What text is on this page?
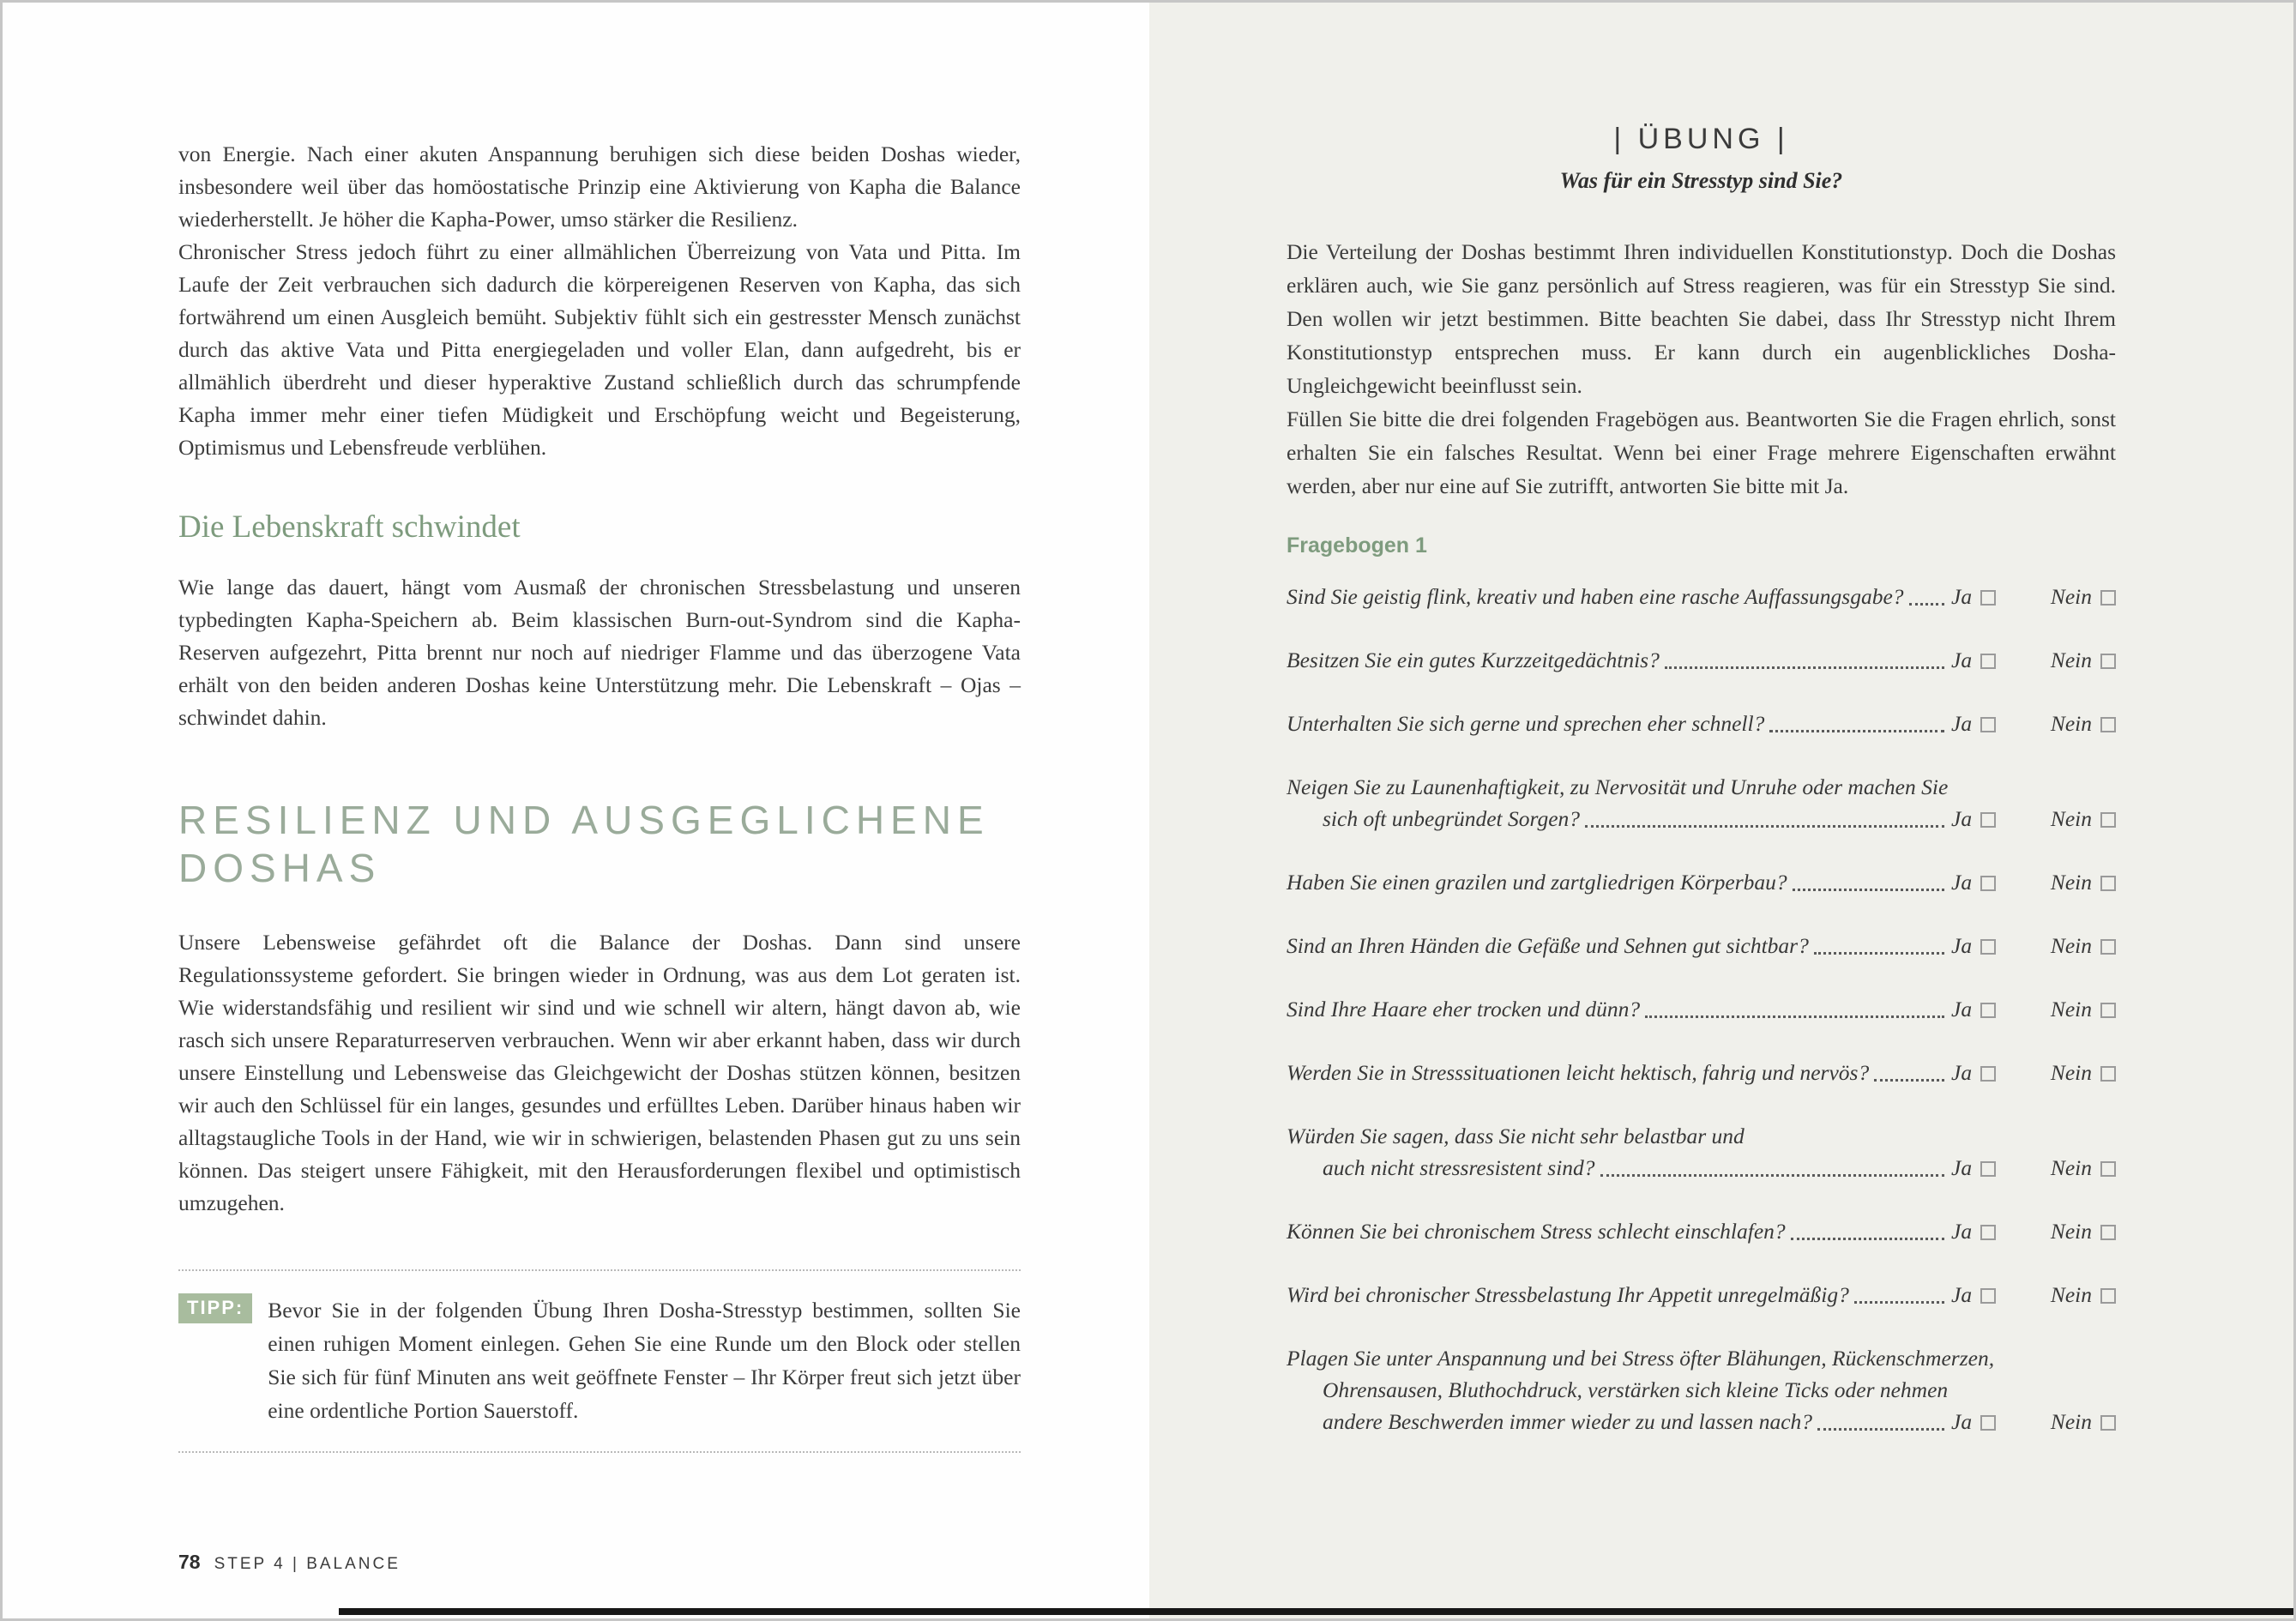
von Energie. Nach einer akuten Anspannung beruhigen sich diese beiden Doshas wieder, insbesondere weil über das homöostatische Prinzip eine Aktivierung von Kapha die Balance wiederherstellt. Je höher die Kapha-Power, umso stärker die Resilienz.

Chronischer Stress jedoch führt zu einer allmählichen Überreizung von Vata und Pitta. Im Laufe der Zeit verbrauchen sich dadurch die körpereigenen Reserven von Kapha, das sich fortwährend um einen Ausgleich bemüht. Subjektiv fühlt sich ein gestresster Mensch zunächst durch das aktive Vata und Pitta energiegeladen und voller Elan, dann aufgedreht, bis er allmählich überdreht und dieser hyperaktive Zustand schließlich durch das schrumpfende Kapha immer mehr einer tiefen Müdigkeit und Erschöpfung weicht und Begeisterung, Optimismus und Lebensfreude verblühen.

Die Lebenskraft schwindet

Wie lange das dauert, hängt vom Ausmaß der chronischen Stressbelastung und unseren typbedingten Kapha-Speichern ab. Beim klassischen Burn-out-Syndrom sind die Kapha-Reserven aufgezehrt, Pitta brennt nur noch auf niedriger Flamme und das überzogene Vata erhält von den beiden anderen Doshas keine Unterstützung mehr. Die Lebenskraft – Ojas – schwindet dahin.

RESILIENZ UND AUSGEGLICHENE
DOSHAS

Unsere Lebensweise gefährdet oft die Balance der Doshas. Dann sind unsere Regulationssysteme gefordert. Sie bringen wieder in Ordnung, was aus dem Lot geraten ist. Wie widerstandsfähig und resilient wir sind und wie schnell wir altern, hängt davon ab, wie rasch sich unsere Reparaturreserven verbrauchen. Wenn wir aber erkannt haben, dass wir durch unsere Einstellung und Lebensweise das Gleichgewicht der Doshas stützen können, besitzen wir auch den Schlüssel für ein langes, gesundes und erfülltes Leben. Darüber hinaus haben wir alltagstaugliche Tools in der Hand, wie wir in schwierigen, belastenden Phasen gut zu uns sein können. Das steigert unsere Fähigkeit, mit den Herausforderungen flexibel und optimistisch umzugehen.

TIPP:	Bevor Sie in der folgenden Übung Ihren Dosha-Stresstyp bestimmen, sollten Sie einen ruhigen Moment einlegen. Gehen Sie eine Runde um den Block oder stellen Sie sich für fünf Minuten ans weit geöffnete Fenster – Ihr Körper freut sich jetzt über eine ordentliche Portion Sauerstoff.
78 STEP 4 | BALANCE
| ÜBUNG |
Was für ein Stresstyp sind Sie?

Die Verteilung der Doshas bestimmt Ihren individuellen Konstitutionstyp. Doch die Doshas erklären auch, wie Sie ganz persönlich auf Stress reagieren, was für ein Stresstyp Sie sind. Den wollen wir jetzt bestimmen. Bitte beachten Sie dabei, dass Ihr Stresstyp nicht Ihrem Konstitutionstyp entsprechen muss. Er kann durch ein augenblickliches Dosha-Ungleichgewicht beeinflusst sein.

Füllen Sie bitte die drei folgenden Fragebögen aus. Beantworten Sie die Fragen ehrlich, sonst erhalten Sie ein falsches Resultat. Wenn bei einer Frage mehrere Eigenschaften erwähnt werden, aber nur eine auf Sie zutrifft, antworten Sie bitte mit Ja.

Fragebogen 1
Sind Sie geistig flink, kreativ und haben eine rasche Auffassungsgabe? Ja	Nein
Besitzen Sie ein gutes Kurzzeitgedächtnis?	Ja	Nein
Unterhalten Sie sich gerne und sprechen eher schnell?	Ja	Nein
Neigen Sie zu Launenhaftigkeit, zu Nervosität und Unruhe oder machen Sie
sich oft unbegründet Sorgen?	Ja	Nein
Haben Sie einen grazilen und zartgliedrigen Körperbau?	Ja	Nein
Sind an Ihren Händen die Gefäße und Sehnen gut sichtbar?	Ja	Nein
Sind Ihre Haare eher trocken und dünn?	Ja	Nein
Werden Sie in Stresssituationen leicht hektisch, fahrig und nervös?	Ja	Nein
Würden Sie sagen, dass Sie nicht sehr belastbar und
auch nicht stressresistent sind?	Ja	Nein
Können Sie bei chronischem Stress schlecht einschlafen?	Ja	Nein
Wird bei chronischer Stressbelastung Ihr Appetit unregelmäßig?	Ja	Nein
Plagen Sie unter Anspannung und bei Stress öfter Blähungen, Rückenschmerzen,
Ohrensausen, Bluthochdruck, verstärken sich kleine Ticks oder nehmen
andere Beschwerden immer wieder zu und lassen nach?	Ja	Nein
